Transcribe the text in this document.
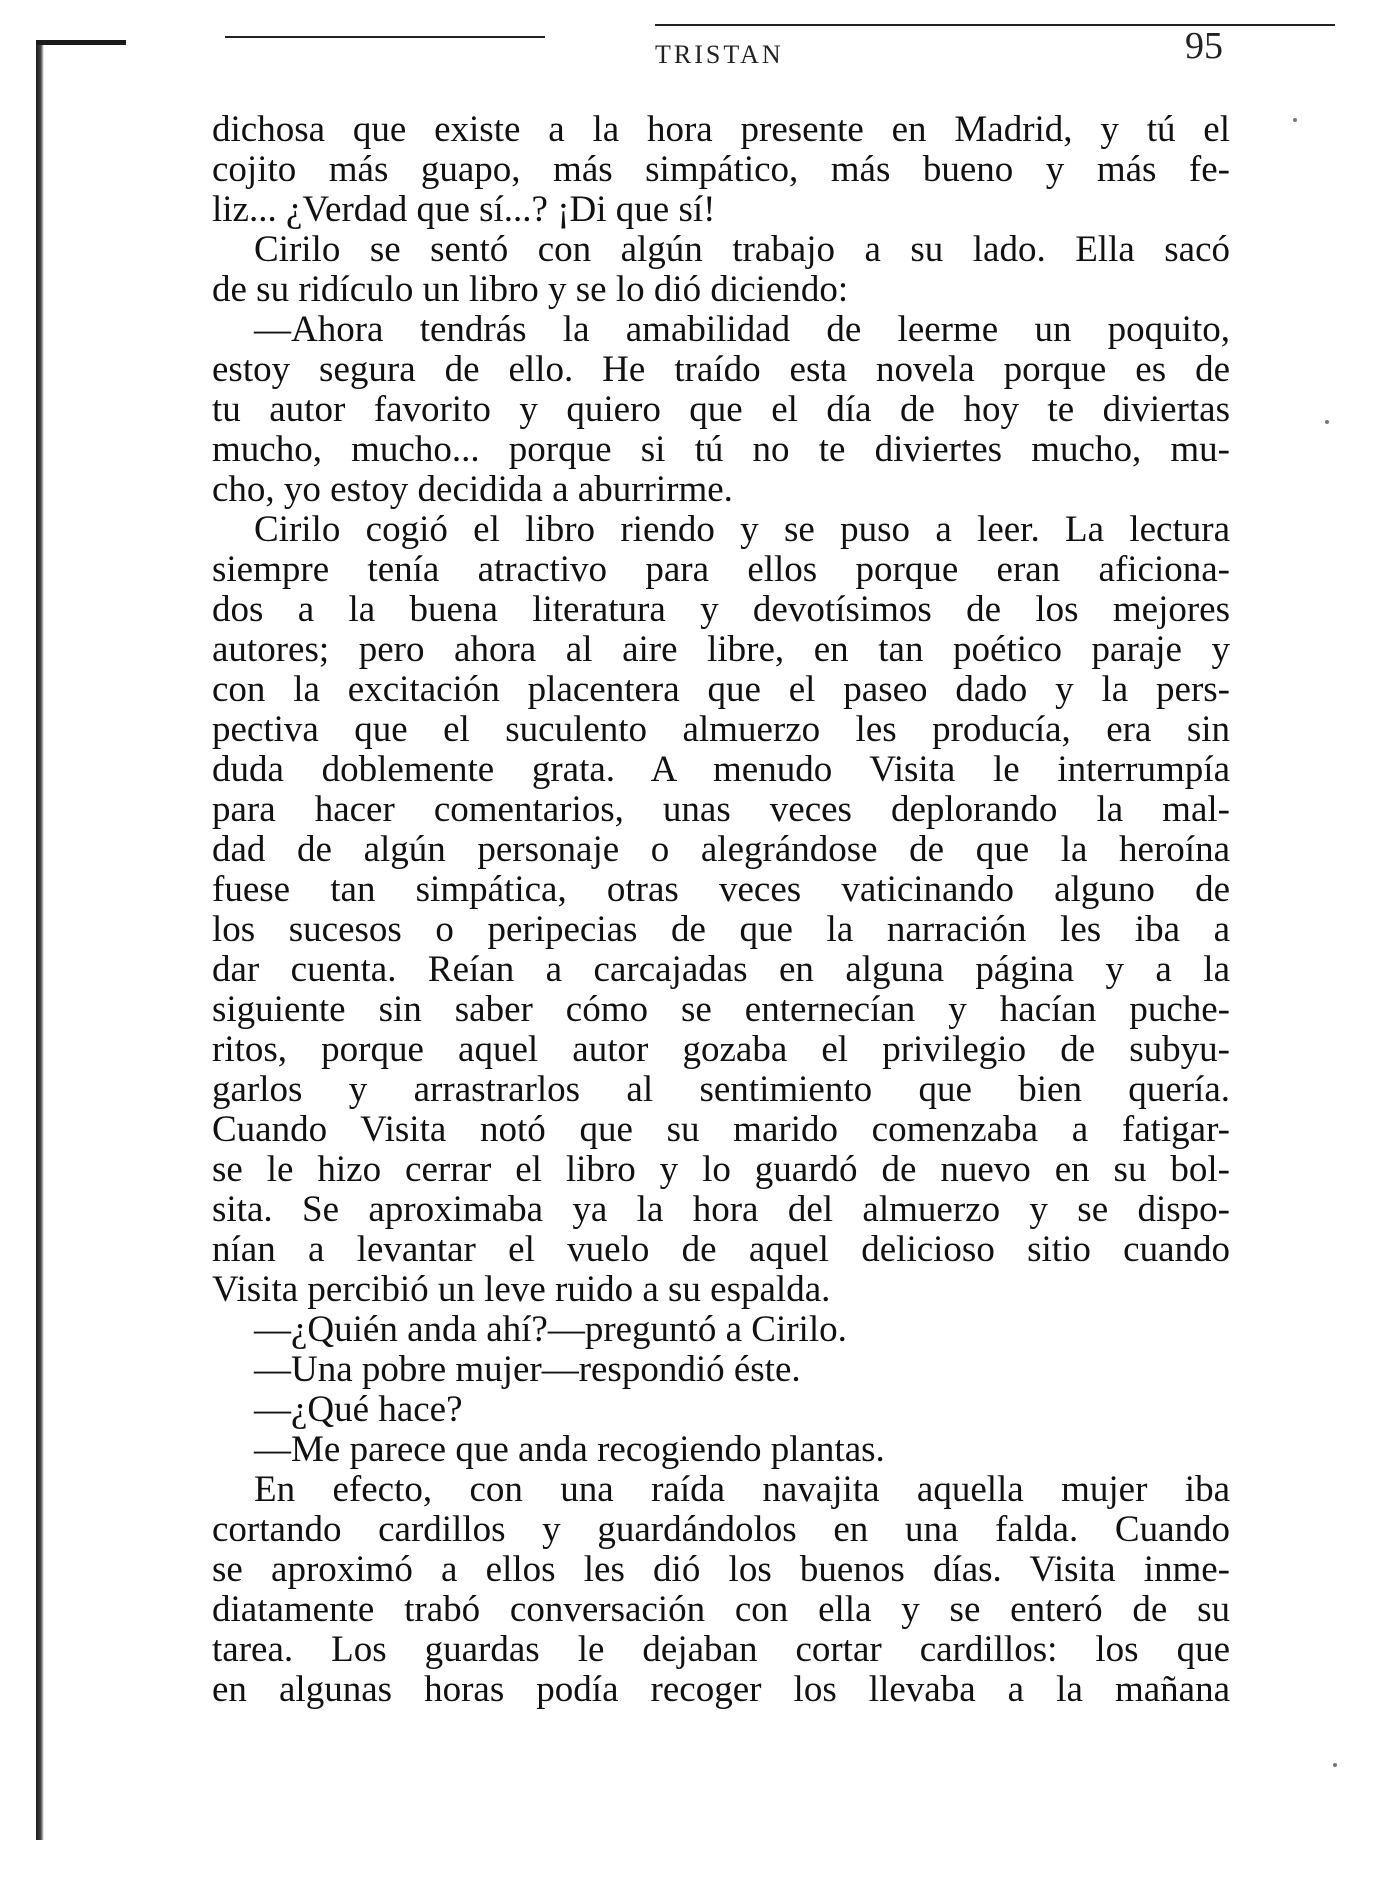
TRISTAN	95
dichosa que existe a la hora presente en Madrid, y tú el
cojito más guapo, más simpático, más bueno y más fe-
liz... ¿Verdad que sí...? ¡Di que sí!
Cirilo se sentó con algún trabajo a su lado. Ella sacó
de su ridículo un libro y se lo dió diciendo:
—Ahora tendrás la amabilidad de leerme un poquito,
estoy segura de ello. He traído esta novela porque es de
tu autor favorito y quiero que el día de hoy te diviertas
mucho, mucho... porque si tú no te diviertes mucho, mu-
cho, yo estoy decidida a aburrirme.
Cirilo cogió el libro riendo y se puso a leer. La lectura
siempre tenía atractivo para ellos porque eran aficiona-
dos a la buena literatura y devotísimos de los mejores
autores; pero ahora al aire libre, en tan poético paraje y
con la excitación placentera que el paseo dado y la pers-
pectiva que el suculento almuerzo les producía, era sin
duda doblemente grata. A menudo Visita le interrumpía
para hacer comentarios, unas veces deplorando la mal-
dad de algún personaje o alegrándose de que la heroína
fuese tan simpática, otras veces vaticinando alguno de
los sucesos o peripecias de que la narración les iba a
dar cuenta. Reían a carcajadas en alguna página y a la
siguiente sin saber cómo se enternecían y hacían puche-
ritos, porque aquel autor gozaba el privilegio de subyu-
garlos y arrastrarlos al sentimiento que bien quería.
Cuando Visita notó que su marido comenzaba a fatigar-
se le hizo cerrar el libro y lo guardó de nuevo en su bol-
sita. Se aproximaba ya la hora del almuerzo y se dispo-
nían a levantar el vuelo de aquel delicioso sitio cuando
Visita percibió un leve ruido a su espalda.
—¿Quién anda ahí?—preguntó a Cirilo.
—Una pobre mujer—respondió éste.
—¿Qué hace?
—Me parece que anda recogiendo plantas.
En efecto, con una raída navajita aquella mujer iba
cortando cardillos y guardándolos en una falda. Cuando
se aproximó a ellos les dió los buenos días. Visita inme-
diatamente trabó conversación con ella y se enteró de su
tarea. Los guardas le dejaban cortar cardillos: los que
en algunas horas podía recoger los llevaba a la mañana
